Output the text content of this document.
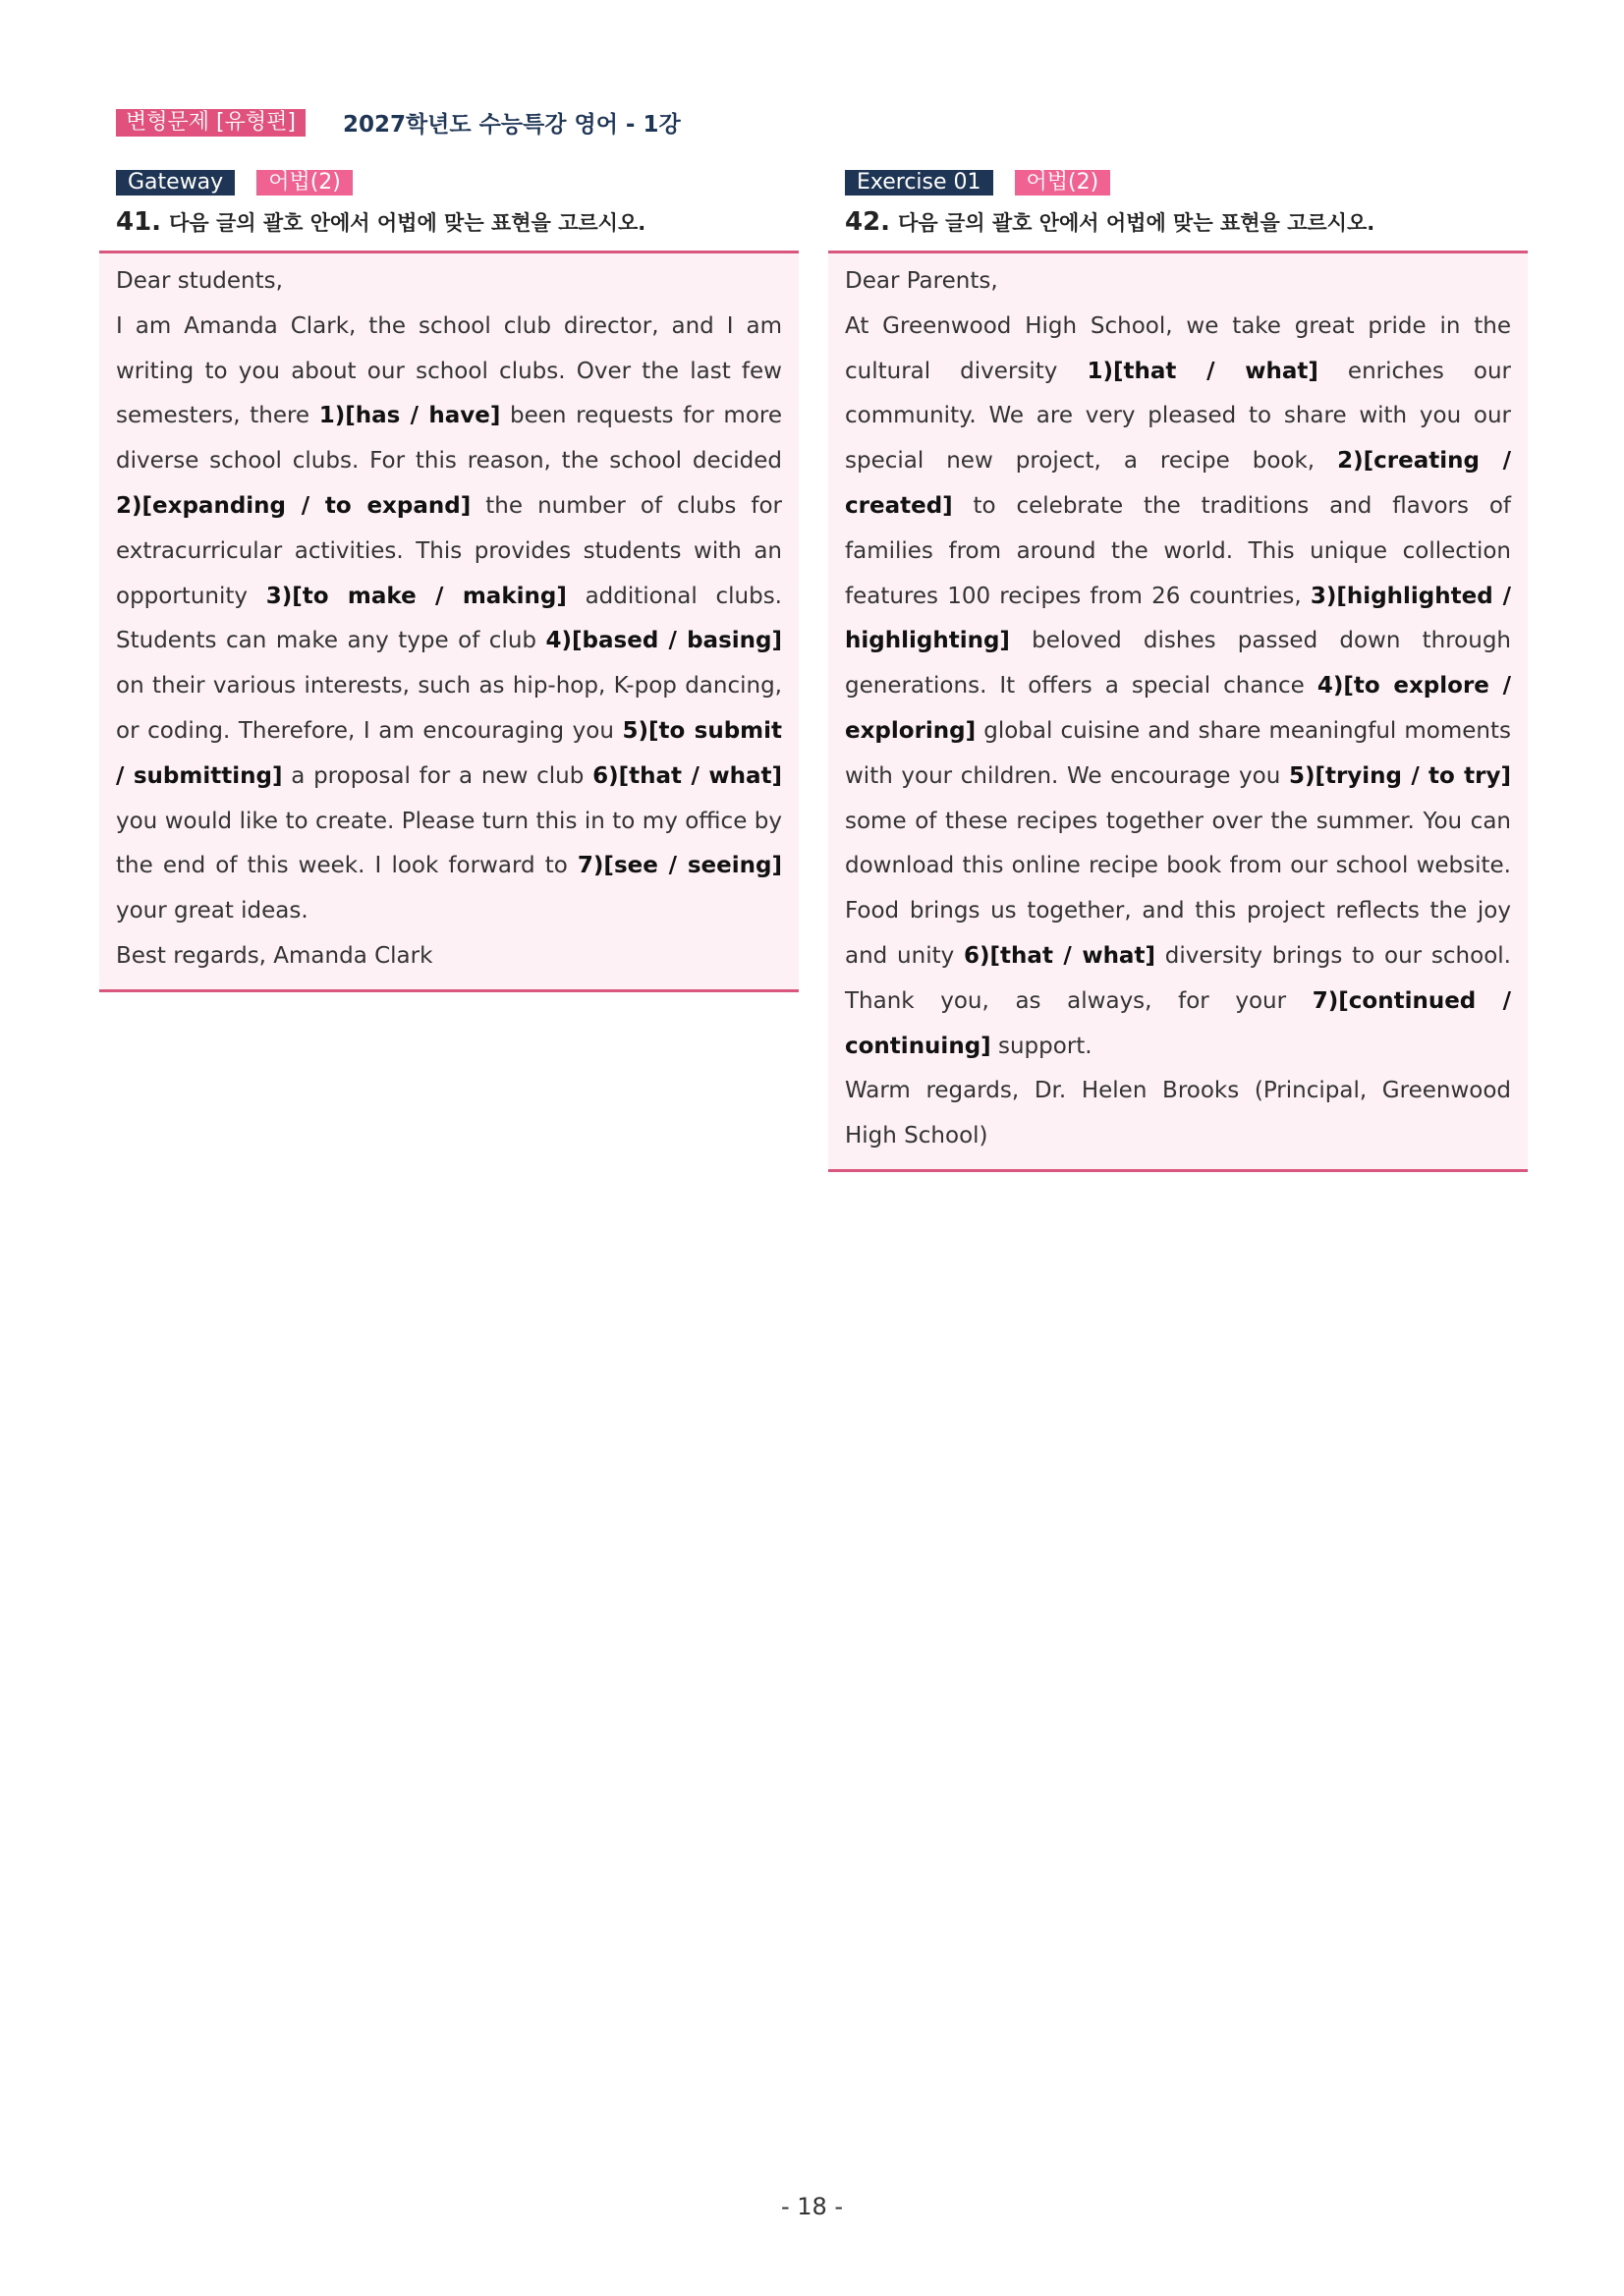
변형문제 [유형편]	2027학년도 수능특강 영어 - 1강
Gateway	어법(2)
41. 다음 글의 괄호 안에서 어법에 맞는 표현을 고르시오.

Dear students,

I am Amanda Clark, the school club director, and I am writing to you about our school clubs. Over the last few semesters, there 1)[has / have] been requests for more diverse school clubs. For this reason, the school decided 2)[expanding / to expand] the number of clubs for extracurricular activities. This provides students with an opportunity 3)[to make / making] additional clubs. Students can make any type of club 4)[based / basing] on their various interests, such as hip-hop, K-pop dancing, or coding. Therefore, I am encouraging you 5)[to submit / submitting] a proposal for a new club 6)[that / what] you would like to create. Please turn this in to my office by the end of this week. I look forward to 7)[see / seeing] your great ideas.

Best regards, Amanda Clark

Exercise 01	어법(2)
42. 다음 글의 괄호 안에서 어법에 맞는 표현을 고르시오.

Dear Parents,

At Greenwood High School, we take great pride in the cultural diversity 1)[that / what] enriches our community. We are very pleased to share with you our special new project, a recipe book, 2)[creating / created] to celebrate the traditions and flavors of families from around the world. This unique collection features 100 recipes from 26 countries, 3)[highlighted / highlighting] beloved dishes passed down through generations. It offers a special chance 4)[to explore / exploring] global cuisine and share meaningful moments with your children. We encourage you 5)[trying / to try] some of these recipes together over the summer. You can download this online recipe book from our school website. Food brings us together, and this project reflects the joy and unity 6)[that / what] diversity brings to our school. Thank you, as always, for your 7)[continued / continuing] support.

Warm regards, Dr. Helen Brooks (Principal, Greenwood High School)

- 18 -
